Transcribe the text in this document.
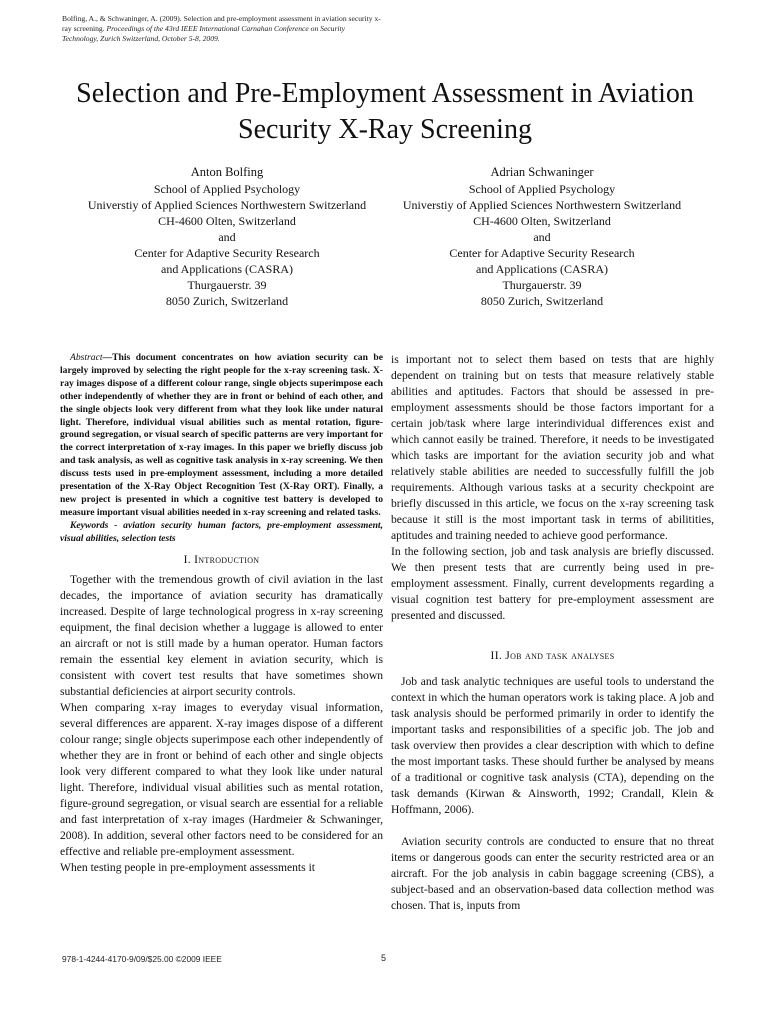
Bolfing, A., & Schwaninger, A. (2009). Selection and pre-employment assessment in aviation security x-ray screening. Proceedings of the 43rd IEEE International Carnahan Conference on Security Technology, Zurich Switzerland, October 5-8, 2009.
Selection and Pre-Employment Assessment in Aviation Security X-Ray Screening
Anton Bolfing
School of Applied Psychology
Universtiy of Applied Sciences Northwestern Switzerland
CH-4600 Olten, Switzerland
and
Center for Adaptive Security Research
and Applications (CASRA)
Thurgauerstr. 39
8050 Zurich, Switzerland
Adrian Schwaninger
School of Applied Psychology
Universtiy of Applied Sciences Northwestern Switzerland
CH-4600 Olten, Switzerland
and
Center for Adaptive Security Research
and Applications (CASRA)
Thurgauerstr. 39
8050 Zurich, Switzerland

Abstract—This document concentrates on how aviation security can be largely improved by selecting the right people for the x-ray screening task. X-ray images dispose of a different colour range, single objects superimpose each other independently of whether they are in front or behind of each other, and the single objects look very different from what they look like under natural light. Therefore, individual visual abilities such as mental rotation, figure-ground segregation, or visual search of specific patterns are very important for the correct interpretation of x-ray images. In this paper we briefly discuss job and task analysis, as well as cognitive task analysis in x-ray screening. We then discuss tests used in pre-employment assessment, including a more detailed presentation of the X-Ray Object Recognition Test (X-Ray ORT). Finally, a new project is presented in which a cognitive test battery is developed to measure important visual abilities needed in x-ray screening and related tasks.

Keywords - aviation security human factors, pre-employment assessment, visual abilities, selection tests

I. Introduction

Together with the tremendous growth of civil aviation in the last decades, the importance of aviation security has dramatically increased. Despite of large technological progress in x-ray screening equipment, the final decision whether a luggage is allowed to enter an aircraft or not is still made by a human operator. Human factors remain the essential key element in aviation security, which is consistent with covert test results that have sometimes shown substantial deficiencies at airport security controls.

When comparing x-ray images to everyday visual information, several differences are apparent. X-ray images dispose of a different colour range; single objects superimpose each other independently of whether they are in front or behind of each other and single objects look very different compared to what they look like under natural light. Therefore, individual visual abilities such as mental rotation, figure-ground segregation, or visual search are essential for a reliable and fast interpretation of x-ray images (Hardmeier & Schwaninger, 2008). In addition, several other factors need to be considered for an effective and reliable pre-employment assessment.

When testing people in pre-employment assessments it

is important not to select them based on tests that are highly dependent on training but on tests that measure relatively stable abilities and aptitudes. Factors that should be assessed in pre-employment assessments should be those factors important for a certain job/task where large interindividual differences exist and which cannot easily be trained. Therefore, it needs to be investigated which tasks are important for the aviation security job and what relatively stable abilities are needed to successfully fulfill the job requirements. Although various tasks at a security checkpoint are briefly discussed in this article, we focus on the x-ray screening task because it still is the most important task in terms of abilitities, aptitudes and training needed to achieve good performance.

In the following section, job and task analysis are briefly discussed. We then present tests that are currently being used in pre-employment assessment. Finally, current developments regarding a visual cognition test battery for pre-employment assessment are presented and discussed.

II. Job and task analyses

Job and task analytic techniques are useful tools to understand the context in which the human operators work is taking place. A job and task analysis should be performed primarily in order to identify the important tasks and responsibilities of a specific job. The job and task overview then provides a clear description with which to define the most important tasks. These should further be analysed by means of a traditional or cognitive task analysis (CTA), depending on the task demands (Kirwan & Ainsworth, 1992; Crandall, Klein & Hoffmann, 2006).

Aviation security controls are conducted to ensure that no threat items or dangerous goods can enter the security restricted area or an aircraft. For the job analysis in cabin baggage screening (CBS), a subject-based and an observation-based data collection method was chosen. That is, inputs from

978-1-4244-4170-9/09/$25.00 ©2009 IEEE	5
